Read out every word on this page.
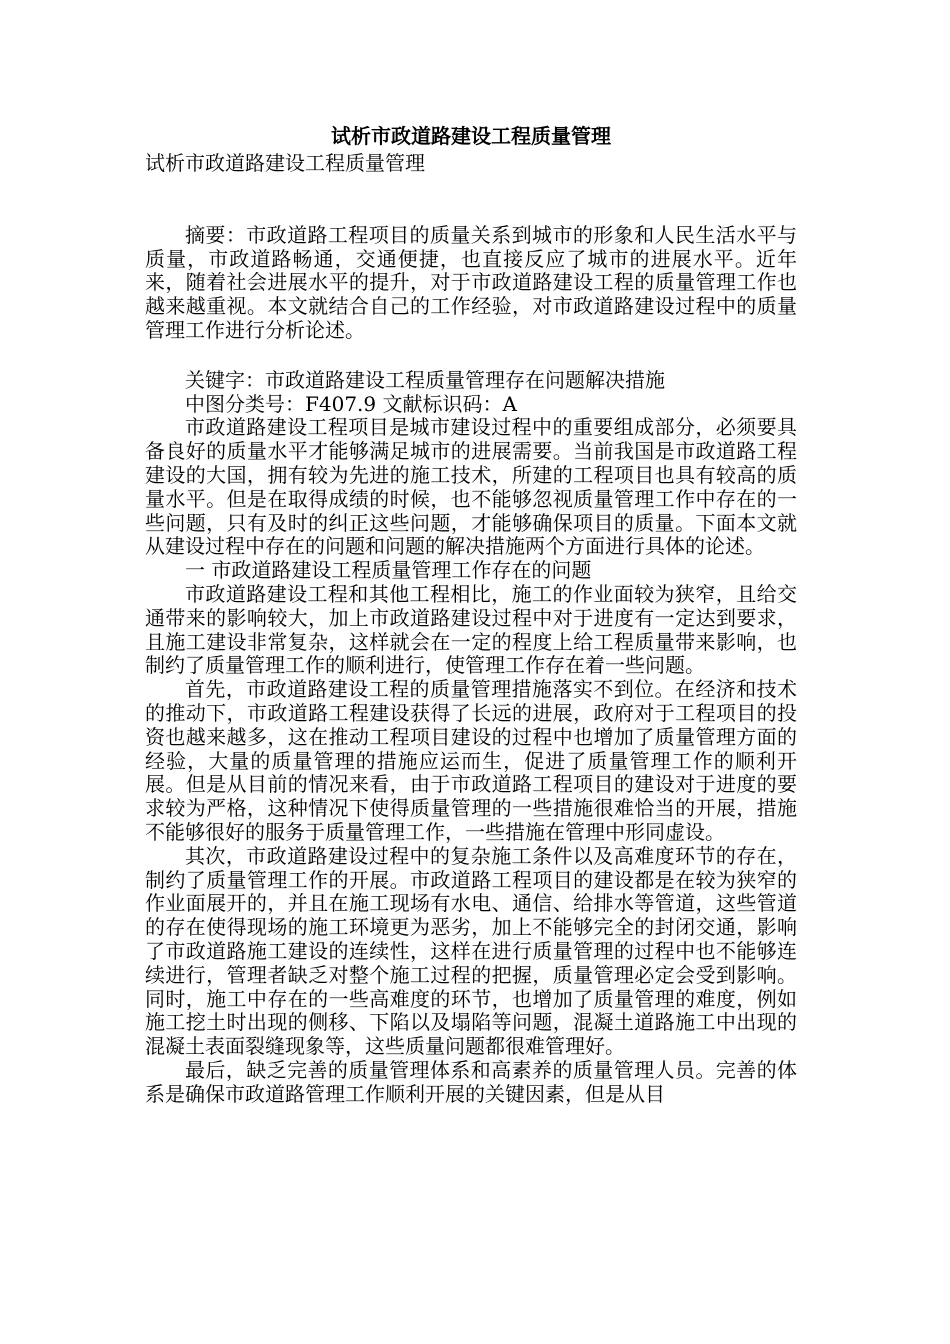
试析市政道路建设工程质量管理

试析市政道路建设工程质量管理

摘要：市政道路工程项目的质量关系到城市的形象和人民生活水平与质量，市政道路畅通，交通便捷，也直接反应了城市的进展水平。近年来，随着社会进展水平的提升，对于市政道路建设工程的质量管理工作也越来越重视。本文就结合自己的工作经验，对市政道路建设过程中的质量管理工作进行分析论述。

关键字：市政道路建设工程质量管理存在问题解决措施

中图分类号：F407.9 文献标识码：A

市政道路建设工程项目是城市建设过程中的重要组成部分，必须要具备良好的质量水平才能够满足城市的进展需要。当前我国是市政道路工程建设的大国，拥有较为先进的施工技术，所建的工程项目也具有较高的质量水平。但是在取得成绩的时候，也不能够忽视质量管理工作中存在的一些问题，只有及时的纠正这些问题，才能够确保项目的质量。下面本文就从建设过程中存在的问题和问题的解决措施两个方面进行具体的论述。

一 市政道路建设工程质量管理工作存在的问题

市政道路建设工程和其他工程相比，施工的作业面较为狭窄，且给交通带来的影响较大，加上市政道路建设过程中对于进度有一定达到要求，且施工建设非常复杂，这样就会在一定的程度上给工程质量带来影响，也制约了质量管理工作的顺利进行，使管理工作存在着一些问题。

首先，市政道路建设工程的质量管理措施落实不到位。在经济和技术的推动下，市政道路工程建设获得了长远的进展，政府对于工程项目的投资也越来越多，这在推动工程项目建设的过程中也增加了质量管理方面的经验，大量的质量管理的措施应运而生，促进了质量管理工作的顺利开展。但是从目前的情况来看，由于市政道路工程项目的建设对于进度的要求较为严格，这种情况下使得质量管理的一些措施很难恰当的开展，措施不能够很好的服务于质量管理工作，一些措施在管理中形同虚设。

其次，市政道路建设过程中的复杂施工条件以及高难度环节的存在，制约了质量管理工作的开展。市政道路工程项目的建设都是在较为狭窄的作业面展开的，并且在施工现场有水电、通信、给排水等管道，这些管道的存在使得现场的施工环境更为恶劣，加上不能够完全的封闭交通，影响了市政道路施工建设的连续性，这样在进行质量管理的过程中也不能够连续进行，管理者缺乏对整个施工过程的把握，质量管理必定会受到影响。同时，施工中存在的一些高难度的环节，也增加了质量管理的难度，例如施工挖土时出现的侧移、下陷以及塌陷等问题，混凝土道路施工中出现的混凝土表面裂缝现象等，这些质量问题都很难管理好。

最后，缺乏完善的质量管理体系和高素养的质量管理人员。完善的体系是确保市政道路管理工作顺利开展的关键因素，但是从目
